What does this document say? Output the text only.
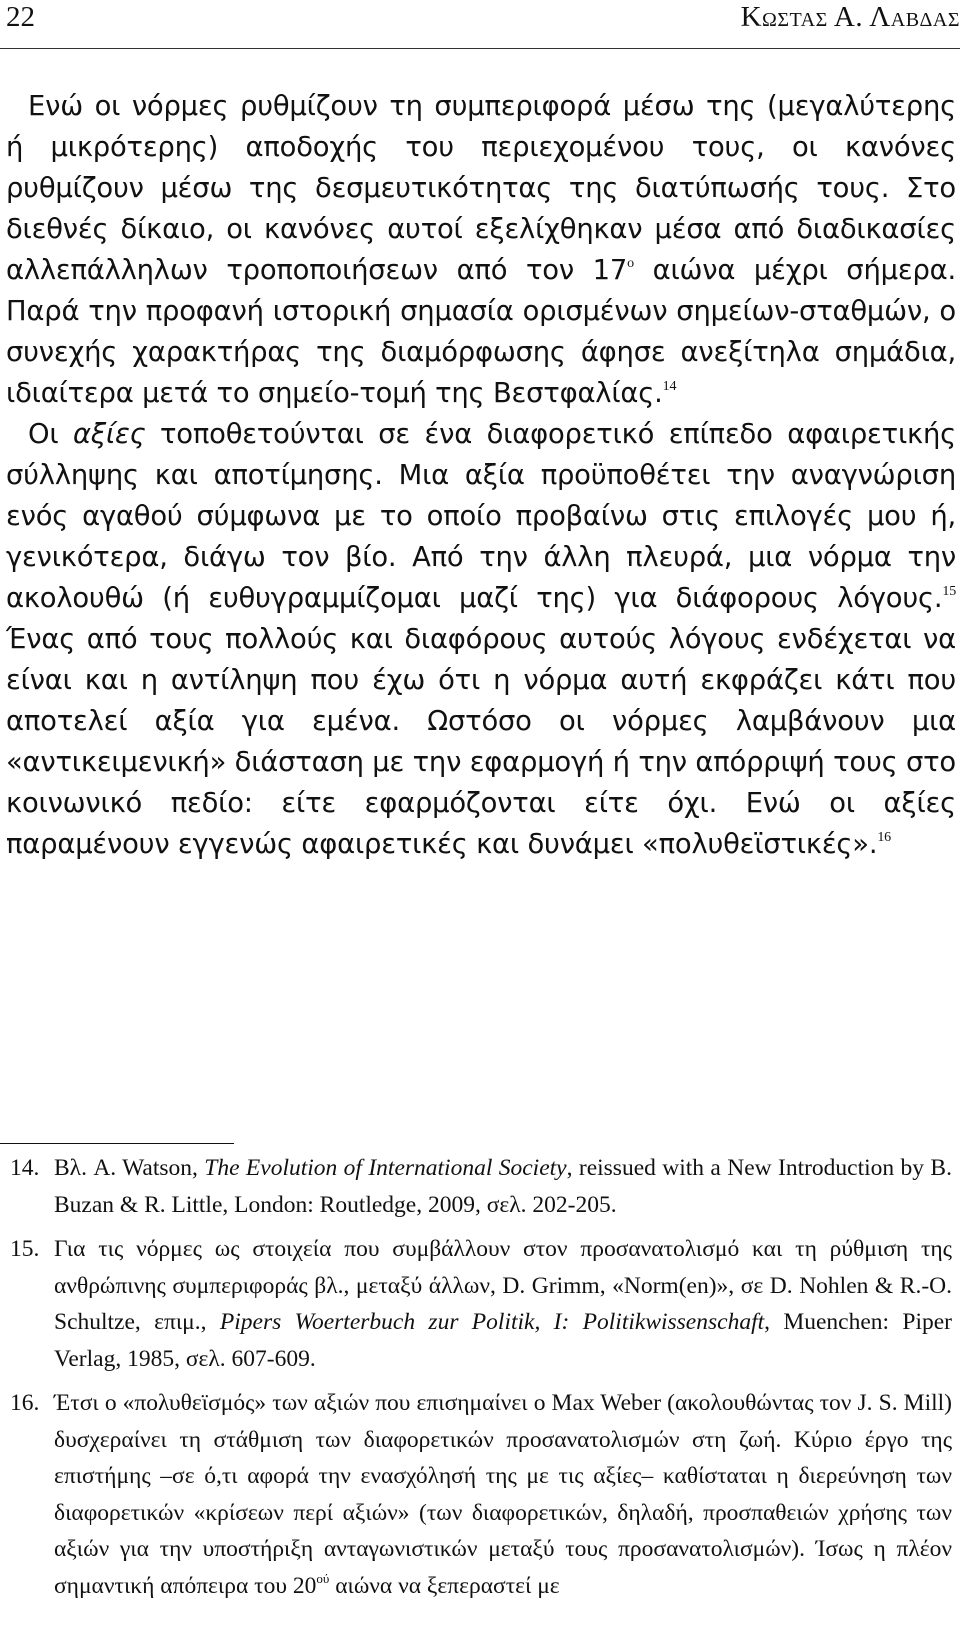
22	Κωστας Α. Λαβδας

Ενώ οι νόρμες ρυθμίζουν τη συμπεριφορά μέσω της (μεγαλύτερης ή μικρότερης) αποδοχής του περιεχομένου τους, οι κανόνες ρυθμίζουν μέσω της δεσμευτικότητας της διατύπωσής τους. Στο διεθνές δίκαιο, οι κανόνες αυτοί εξελίχθηκαν μέσα από διαδικασίες αλλεπάλληλων τροποποιήσεων από τον $17^o$ αιώνα μέχρι σήμερα. Παρά την προφανή ιστορική σημασία ορισμένων σημείων-σταθμών, ο συνεχής χαρακτήρας της διαμόρφωσης άφησε ανεξίτηλα σημάδια, ιδιαίτερα μετά το σημείο-τομή της Βεστφαλίας.$^{14}$

Οι αξίες τοποθετούνται σε ένα διαφορετικό επίπεδο αφαιρετικής σύλληψης και αποτίμησης. Μια αξία προϋποθέτει την αναγνώριση ενός αγαθού σύμφωνα με το οποίο προβαίνω στις επιλογές μου ή, γενικότερα, διάγω τον βίο. Από την άλλη πλευρά, μια νόρμα την ακολουθώ (ή ευθυγραμμίζομαι μαζί της) για διάφορους λόγους.$^{15}$ Ένας από τους πολλούς και διαφόρους αυτούς λόγους ενδέχεται να είναι και η αντίληψη που έχω ότι η νόρμα αυτή εκφράζει κάτι που αποτελεί αξία για εμένα. Ωστόσο οι νόρμες λαμβάνουν μια «αντικειμενική» διάσταση με την εφαρμογή ή την απόρριψή τους στο κοινωνικό πεδίο: είτε εφαρμόζονται είτε όχι. Ενώ οι αξίες παραμένουν εγγενώς αφαιρετικές και δυνάμει «πολυθεϊστικές».$^{16}$

14. Βλ. A. Watson, The Evolution of International Society, reissued with a New Introduction by B. Buzan & R. Little, London: Routledge, 2009, σελ. 202-205.
15. Για τις νόρμες ως στοιχεία που συμβάλλουν στον προσανατολισμό και τη ρύθμιση της ανθρώπινης συμπεριφοράς βλ., μεταξύ άλλων, D. Grimm, «Norm(en)», σε D. Nohlen & R.-O. Schultze, επιμ., Pipers Woerterbuch zur Politik, I: Politikwissenschaft, Muenchen: Piper Verlag, 1985, σελ. 607-609.
16. Έτσι ο «πολυθεϊσμός» των αξιών που επισημαίνει ο Max Weber (ακολουθώντας τον J. S. Mill) δυσχεραίνει τη στάθμιση των διαφορετικών προσανατολισμών στη ζωή. Κύριο έργο της επιστήμης –σε ό,τι αφορά την ενασχόλησή της με τις αξίες– καθίσταται η διερεύνηση των διαφορετικών «κρίσεων περί αξιών» (των διαφορετικών, δηλαδή, προσπαθειών χρήσης των αξιών για την υποστήριξη ανταγωνιστικών μεταξύ τους προσανατολισμών). Ίσως η πλέον σημαντική απόπειρα του $20^{oύ}$ αιώνα να ξεπεραστεί με
